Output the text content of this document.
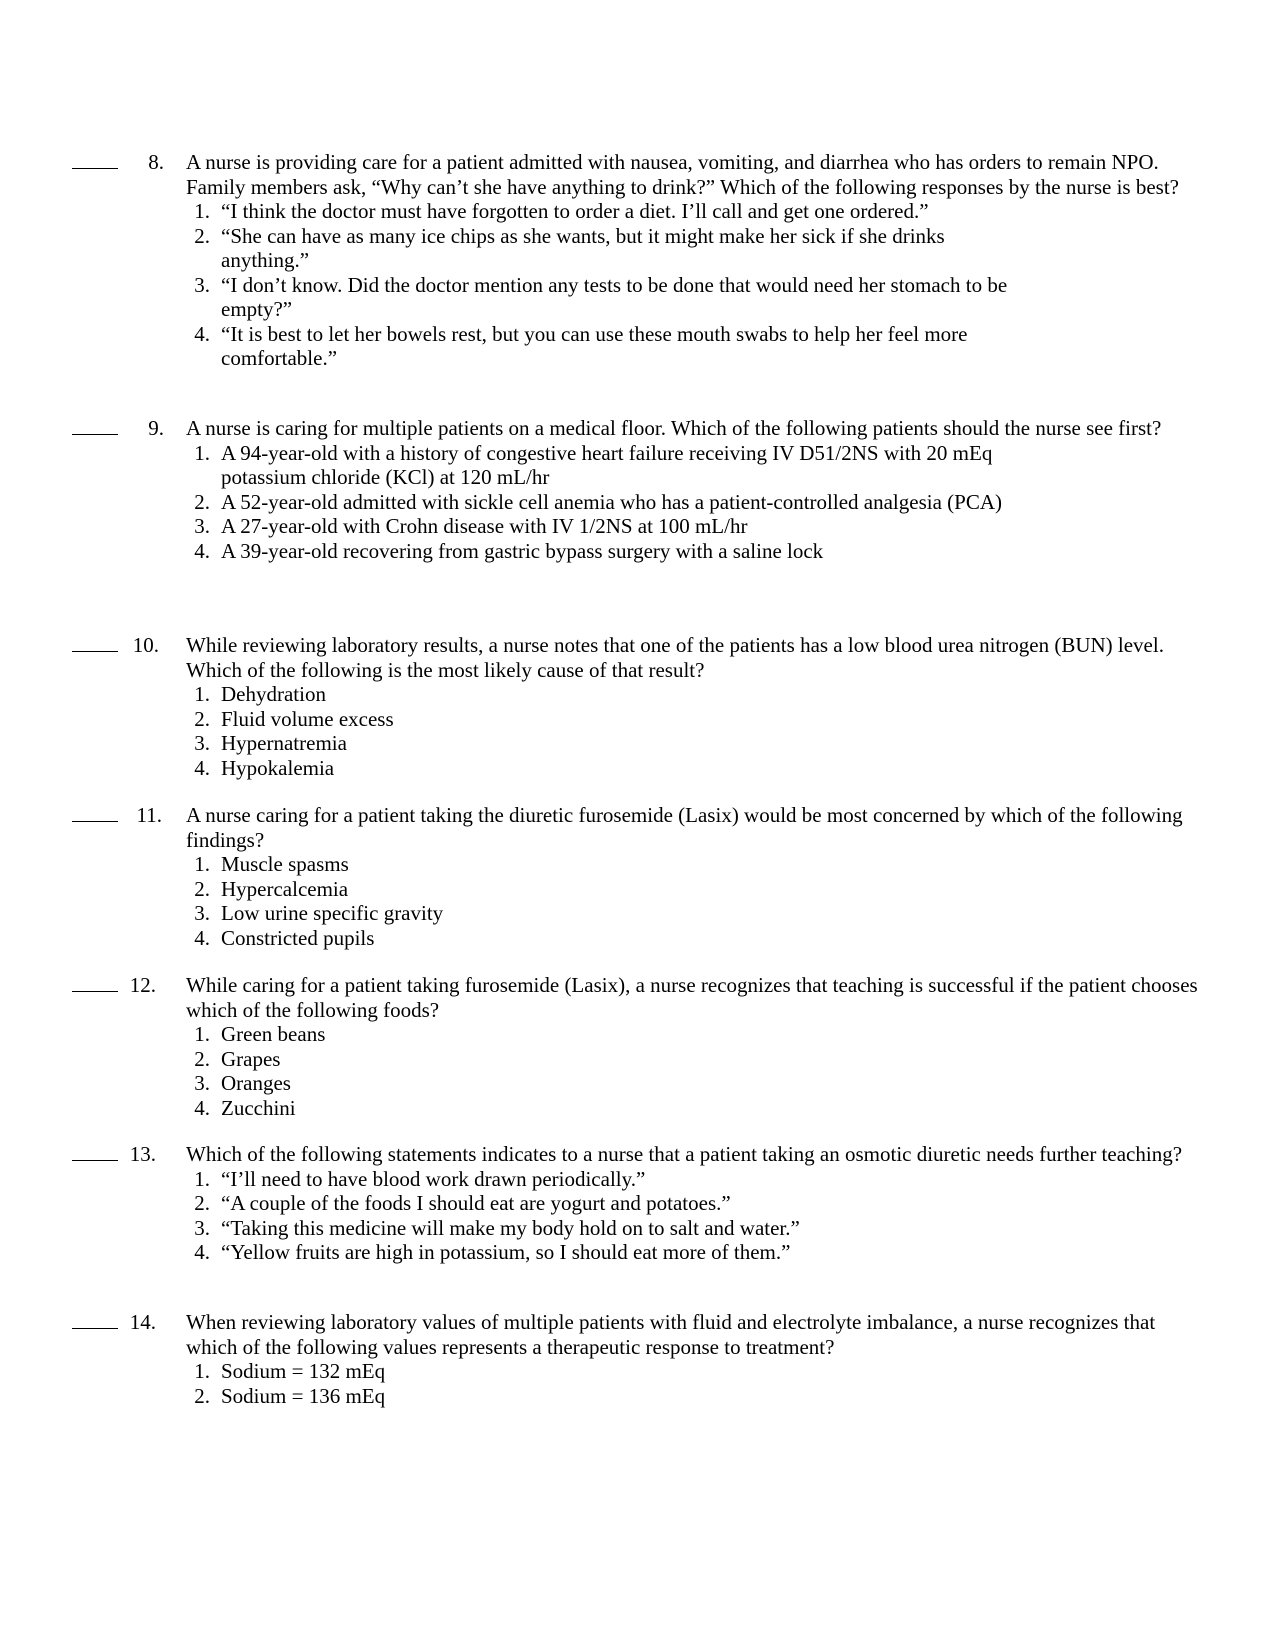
8. A nurse is providing care for a patient admitted with nausea, vomiting, and diarrhea who has orders to remain NPO. Family members ask, “Why can’t she have anything to drink?” Which of the following responses by the nurse is best?
1. “I think the doctor must have forgotten to order a diet. I’ll call and get one ordered.”
2. “She can have as many ice chips as she wants, but it might make her sick if she drinks anything.”
3. “I don’t know. Did the doctor mention any tests to be done that would need her stomach to be empty?”
4. “It is best to let her bowels rest, but you can use these mouth swabs to help her feel more comfortable.”
9. A nurse is caring for multiple patients on a medical floor. Which of the following patients should the nurse see first?
1. A 94-year-old with a history of congestive heart failure receiving IV D51/2NS with 20 mEq potassium chloride (KCl) at 120 mL/hr
2. A 52-year-old admitted with sickle cell anemia who has a patient-controlled analgesia (PCA)
3. A 27-year-old with Crohn disease with IV 1/2NS at 100 mL/hr
4. A 39-year-old recovering from gastric bypass surgery with a saline lock
10. While reviewing laboratory results, a nurse notes that one of the patients has a low blood urea nitrogen (BUN) level. Which of the following is the most likely cause of that result?
1. Dehydration
2. Fluid volume excess
3. Hypernatremia
4. Hypokalemia
11. A nurse caring for a patient taking the diuretic furosemide (Lasix) would be most concerned by which of the following findings?
1. Muscle spasms
2. Hypercalcemia
3. Low urine specific gravity
4. Constricted pupils
12. While caring for a patient taking furosemide (Lasix), a nurse recognizes that teaching is successful if the patient chooses which of the following foods?
1. Green beans
2. Grapes
3. Oranges
4. Zucchini
13. Which of the following statements indicates to a nurse that a patient taking an osmotic diuretic needs further teaching?
1. “I’ll need to have blood work drawn periodically.”
2. “A couple of the foods I should eat are yogurt and potatoes.”
3. “Taking this medicine will make my body hold on to salt and water.”
4. “Yellow fruits are high in potassium, so I should eat more of them.”
14. When reviewing laboratory values of multiple patients with fluid and electrolyte imbalance, a nurse recognizes that which of the following values represents a therapeutic response to treatment?
1. Sodium = 132 mEq
2. Sodium = 136 mEq
